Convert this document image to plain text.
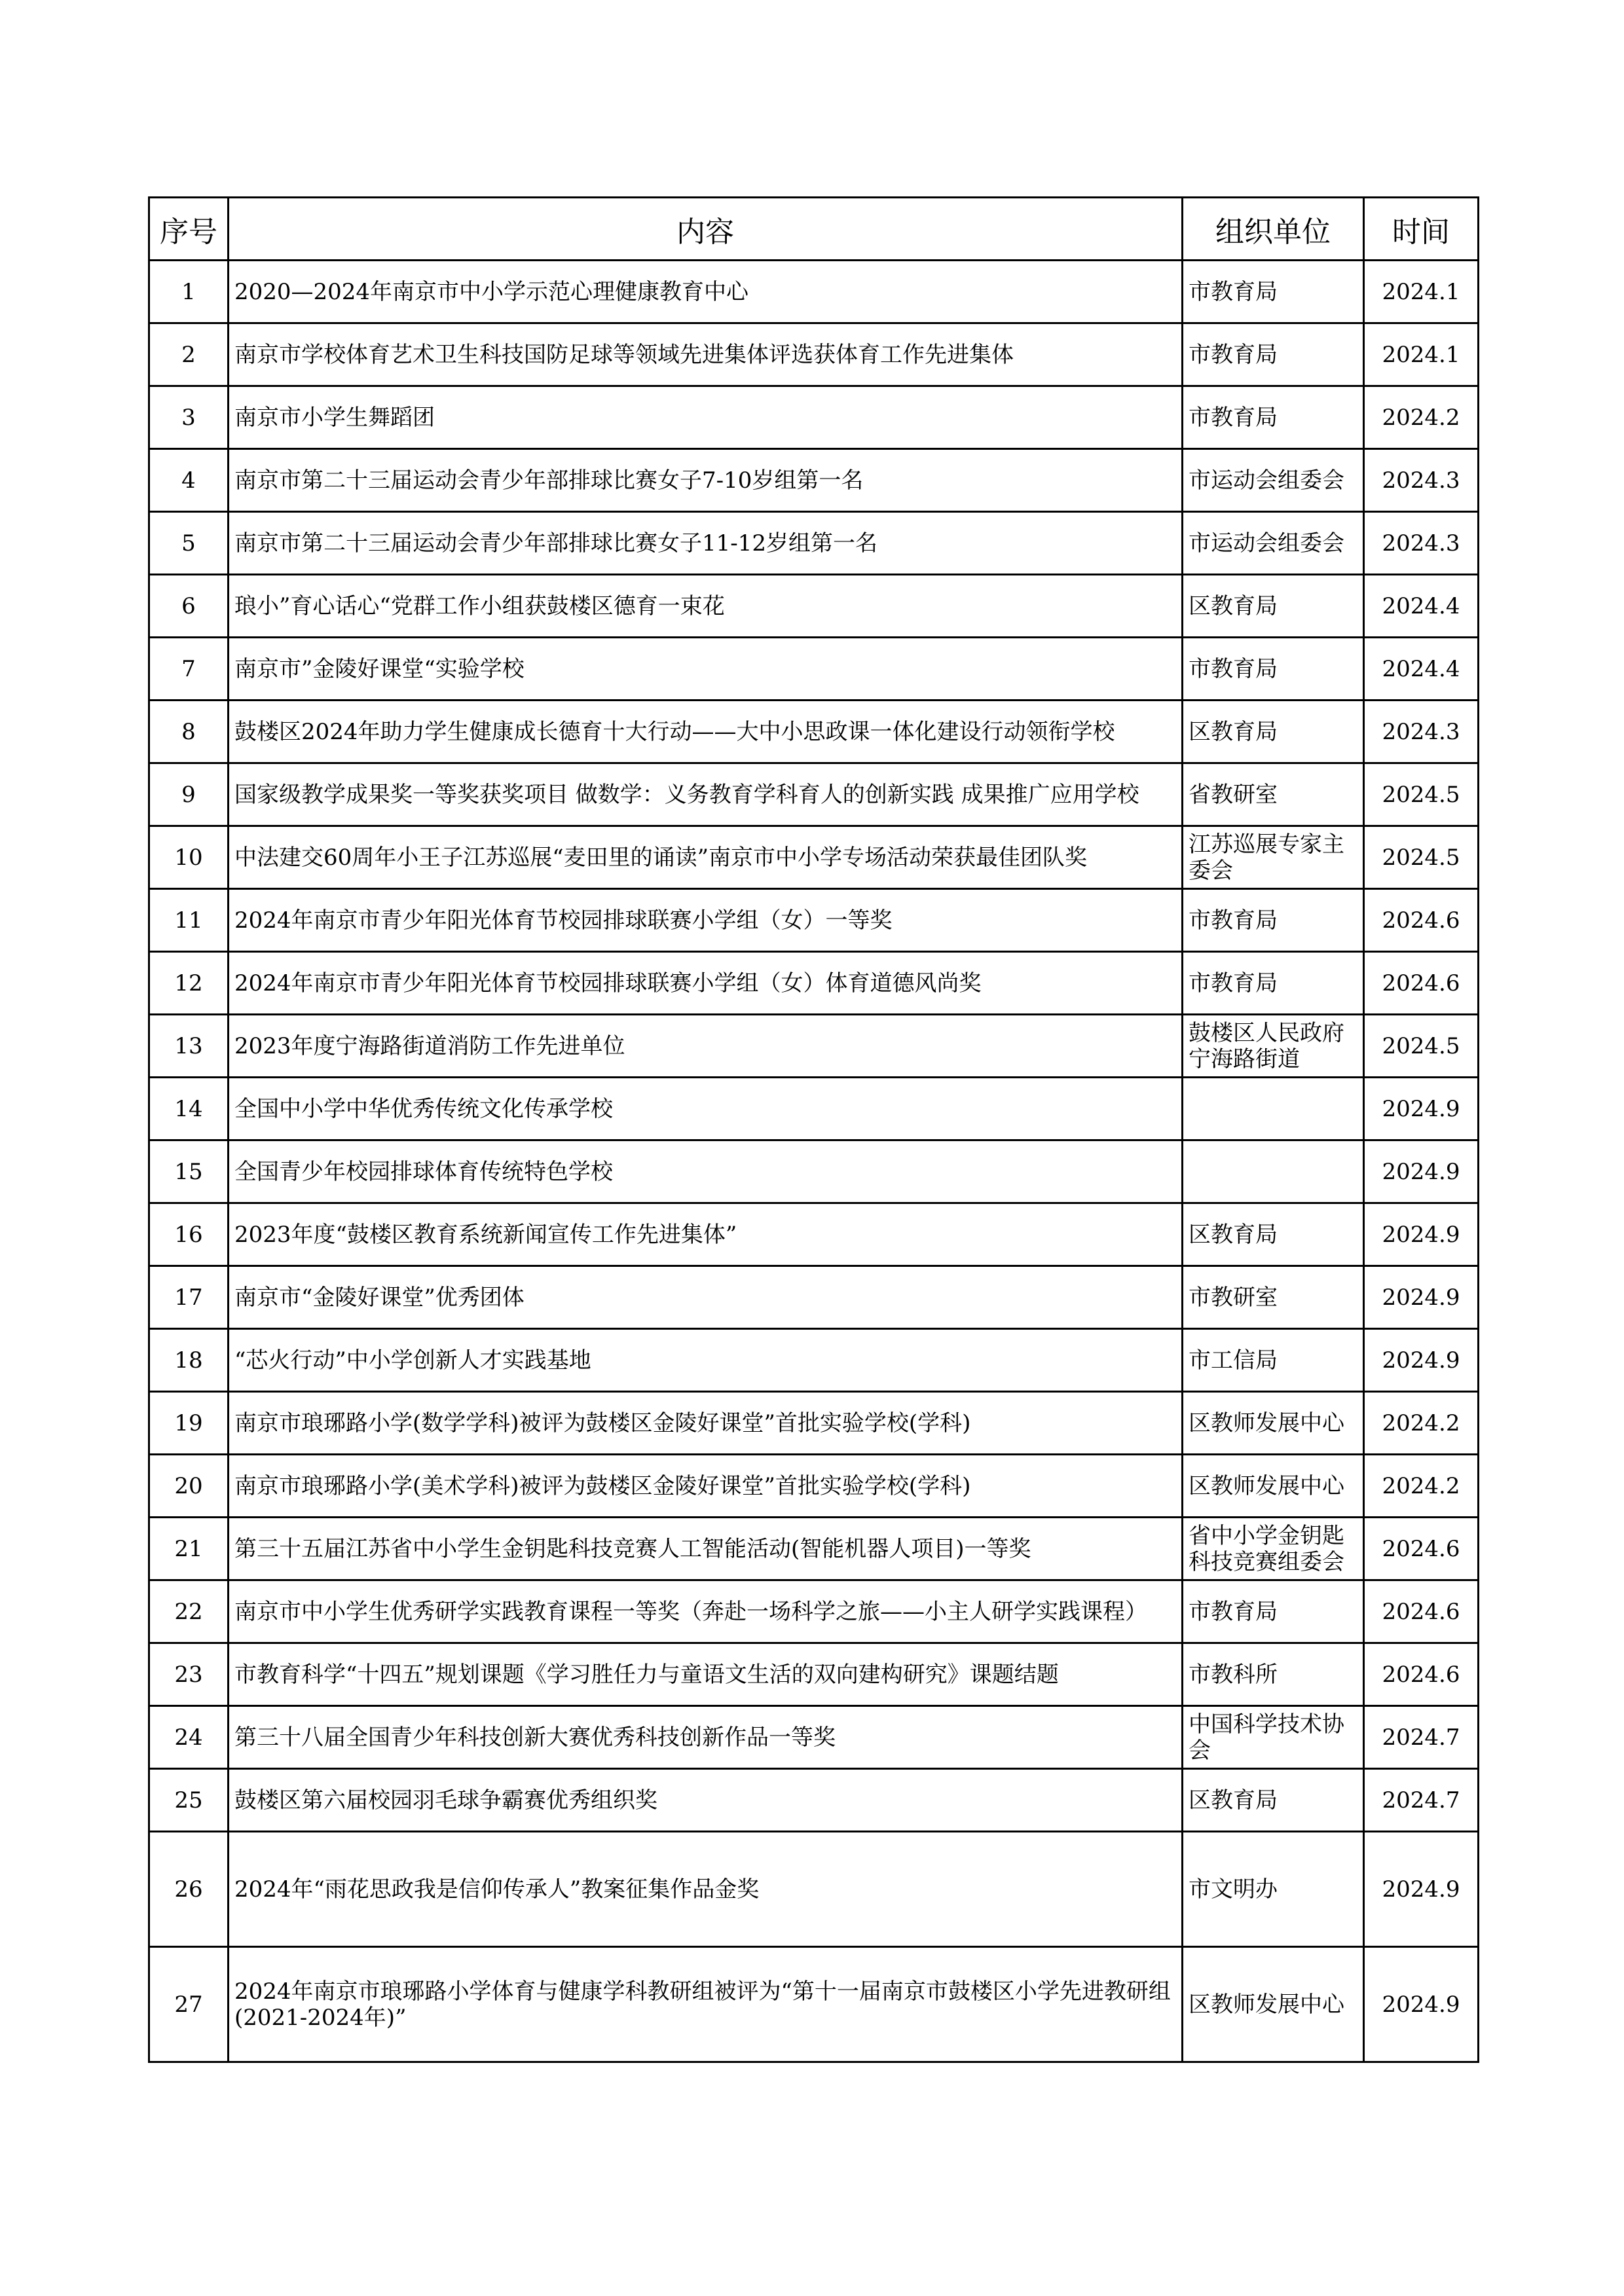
序号	内容	组织单位	时间
1	2020—2024年南京市中小学示范心理健康教育中心	市教育局	2024.1
2	南京市学校体育艺术卫生科技国防足球等领域先进集体评选获体育工作先进集体	市教育局	2024.1
3	南京市小学生舞蹈团	市教育局	2024.2
4	南京市第二十三届运动会青少年部排球比赛女子7-10岁组第一名	市运动会组委会	2024.3
5	南京市第二十三届运动会青少年部排球比赛女子11-12岁组第一名	市运动会组委会	2024.3
6	琅小”育心话心“党群工作小组获鼓楼区德育一束花	区教育局	2024.4
7	南京市”金陵好课堂“实验学校	市教育局	2024.4
8	鼓楼区2024年助力学生健康成长德育十大行动——大中小思政课一体化建设行动领衔学校	区教育局	2024.3
9	国家级教学成果奖一等奖获奖项目 做数学：义务教育学科育人的创新实践 成果推广应用学校	省教研室	2024.5
10	中法建交60周年小王子江苏巡展“麦田里的诵读”南京市中小学专场活动荣获最佳团队奖	江苏巡展专家主委会	2024.5
11	2024年南京市青少年阳光体育节校园排球联赛小学组（女）一等奖	市教育局	2024.6
12	2024年南京市青少年阳光体育节校园排球联赛小学组（女）体育道德风尚奖	市教育局	2024.6
13	2023年度宁海路街道消防工作先进单位	鼓楼区人民政府宁海路街道	2024.5
14	全国中小学中华优秀传统文化传承学校		2024.9
15	全国青少年校园排球体育传统特色学校		2024.9
16	2023年度“鼓楼区教育系统新闻宣传工作先进集体”	区教育局	2024.9
17	南京市“金陵好课堂”优秀团体	市教研室	2024.9
18	“芯火行动”中小学创新人才实践基地	市工信局	2024.9
19	南京市琅琊路小学(数学学科)被评为鼓楼区金陵好课堂”首批实验学校(学科)	区教师发展中心	2024.2
20	南京市琅琊路小学(美术学科)被评为鼓楼区金陵好课堂”首批实验学校(学科)	区教师发展中心	2024.2
21	第三十五届江苏省中小学生金钥匙科技竞赛人工智能活动(智能机器人项目)一等奖	省中小学金钥匙科技竞赛组委会	2024.6
22	南京市中小学生优秀研学实践教育课程一等奖（奔赴一场科学之旅——小主人研学实践课程）	市教育局	2024.6
23	市教育科学“十四五”规划课题《学习胜任力与童语文生活的双向建构研究》课题结题	市教科所	2024.6
24	第三十八届全国青少年科技创新大赛优秀科技创新作品一等奖	中国科学技术协会	2024.7
25	鼓楼区第六届校园羽毛球争霸赛优秀组织奖	区教育局	2024.7
26	2024年“雨花思政我是信仰传承人”教案征集作品金奖	市文明办	2024.9
27	2024年南京市琅琊路小学体育与健康学科教研组被评为“第十一届南京市鼓楼区小学先进教研组(2021-2024年)”	区教师发展中心	2024.9
